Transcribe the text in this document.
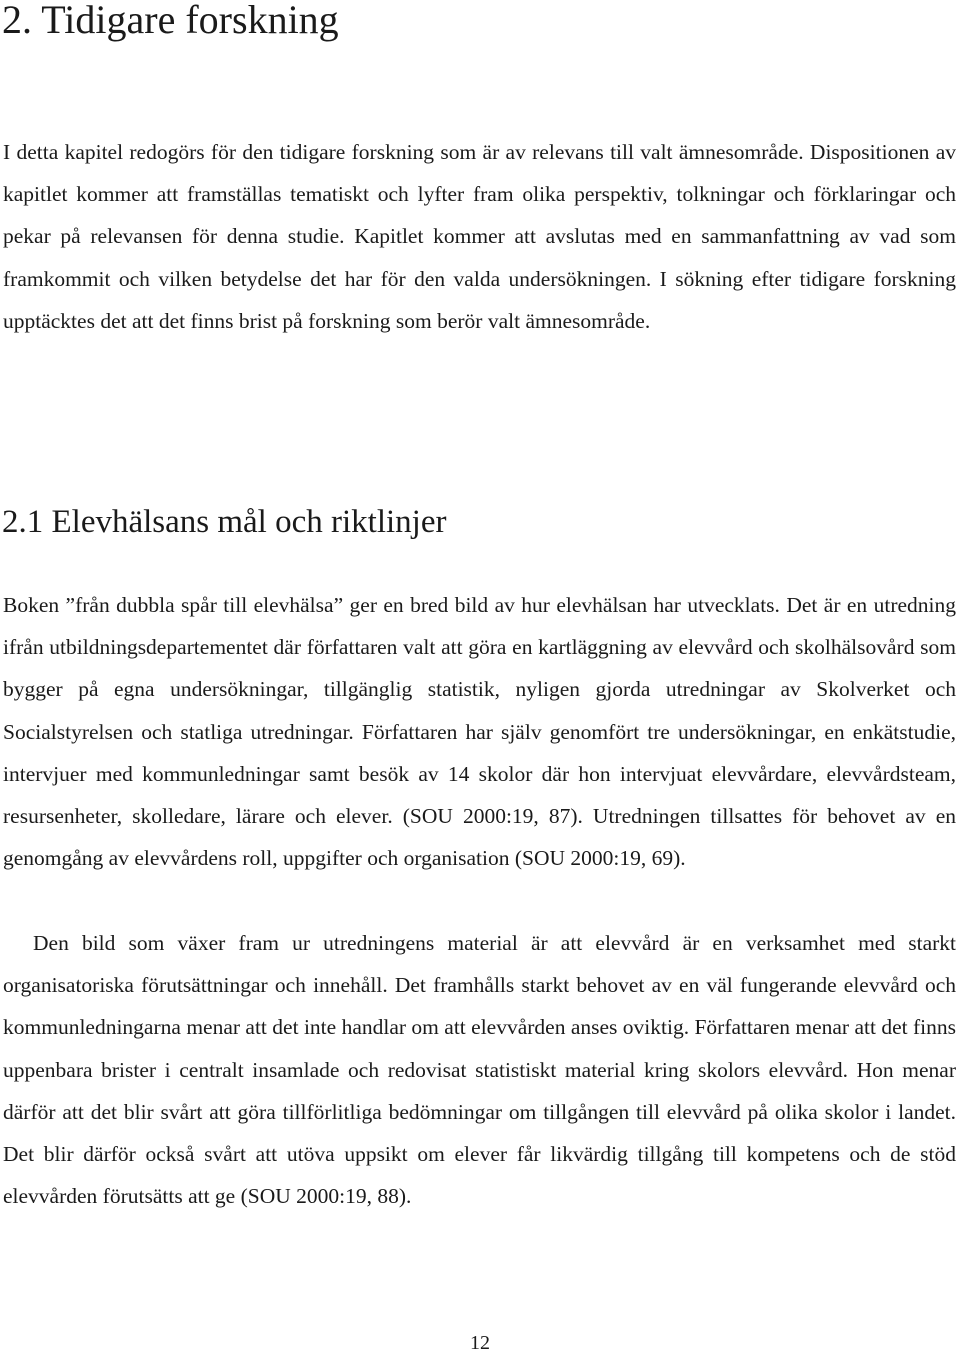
2. Tidigare forskning

I detta kapitel redogörs för den tidigare forskning som är av relevans till valt ämnesområde. Dispositionen av kapitlet kommer att framställas tematiskt och lyfter fram olika perspektiv, tolkningar och förklaringar och pekar på relevansen för denna studie. Kapitlet kommer att avslutas med en sammanfattning av vad som framkommit och vilken betydelse det har för den valda undersökningen. I sökning efter tidigare forskning upptäcktes det att det finns brist på forskning som berör valt ämnesområde.

2.1 Elevhälsans mål och riktlinjer

Boken ”från dubbla spår till elevhälsa” ger en bred bild av hur elevhälsan har utvecklats. Det är en utredning ifrån utbildningsdepartementet där författaren valt att göra en kartläggning av elevvård och skolhälsovård som bygger på egna undersökningar, tillgänglig statistik, nyligen gjorda utredningar av Skolverket och Socialstyrelsen och statliga utredningar. Författaren har själv genomfört tre undersökningar, en enkätstudie, intervjuer med kommunledningar samt besök av 14 skolor där hon intervjuat elevvårdare, elevvårdsteam, resursenheter, skolledare, lärare och elever. (SOU 2000:19, 87). Utredningen tillsattes för behovet av en genomgång av elevvårdens roll, uppgifter och organisation (SOU 2000:19, 69).

Den bild som växer fram ur utredningens material är att elevvård är en verksamhet med starkt organisatoriska förutsättningar och innehåll. Det framhålls starkt behovet av en väl fungerande elevvård och kommunledningarna menar att det inte handlar om att elevvården anses oviktig. Författaren menar att det finns uppenbara brister i centralt insamlade och redovisat statistiskt material kring skolors elevvård. Hon menar därför att det blir svårt att göra tillförlitliga bedömningar om tillgången till elevvård på olika skolor i landet. Det blir därför också svårt att utöva uppsikt om elever får likvärdig tillgång till kompetens och de stöd elevvården förutsätts att ge (SOU 2000:19, 88).

12
